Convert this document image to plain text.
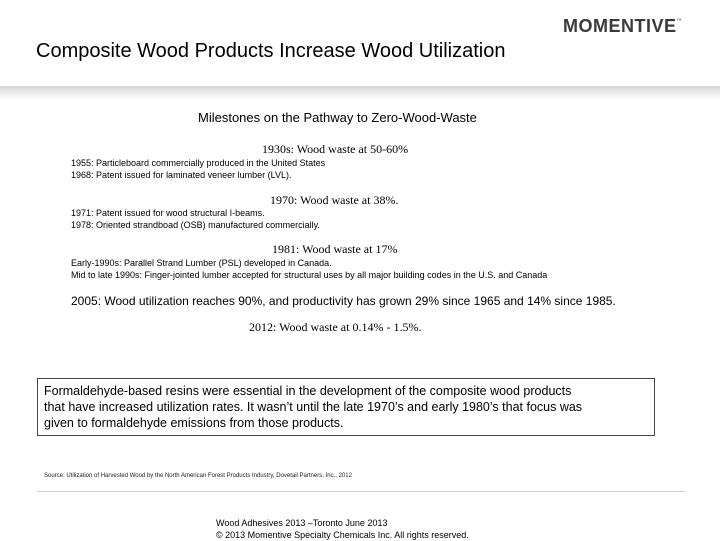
MOMENTIVE™
Composite Wood Products Increase Wood Utilization
Milestones on the Pathway to Zero-Wood-Waste
1930s: Wood waste at 50-60%
1955: Particleboard commercially produced in the United States
1968: Patent issued for laminated veneer lumber (LVL).
1970: Wood waste at 38%.
1971: Patent issued for wood structural I-beams.
1978: Oriented strandboad (OSB) manufactured commercially.
1981: Wood waste at 17%
Early-1990s: Parallel Strand Lumber (PSL) developed in Canada.
Mid to late 1990s: Finger-jointed lumber accepted for structural uses by all major building codes in the U.S. and Canada
2005: Wood utilization reaches 90%, and productivity has grown 29% since 1965 and 14% since 1985.
2012: Wood waste at 0.14% - 1.5%.
Formaldehyde-based resins were essential in the development of the composite wood products
that have increased utilization rates. It wasn’t until the late 1970’s and early 1980’s that focus was
given to formaldehyde emissions from those products.
Source: Utilization of Harvested Wood by the North American Forest Products Industry, Dovetail Partners, Inc., 2012
Wood Adhesives 2013 –Toronto June 2013
© 2013 Momentive Specialty Chemicals Inc. All rights reserved.
